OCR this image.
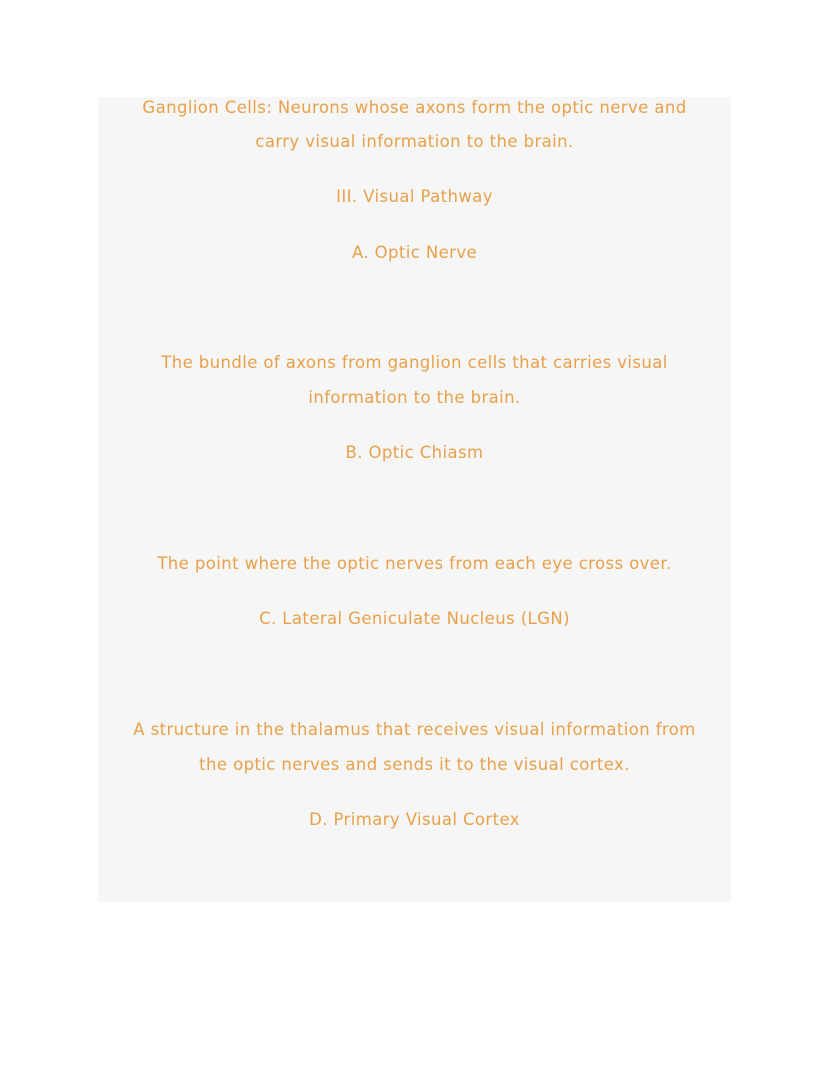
Ganglion Cells: Neurons whose axons form the optic nerve and

carry visual information to the brain.

III. Visual Pathway

A. Optic Nerve

The bundle of axons from ganglion cells that carries visual

information to the brain.

B. Optic Chiasm

The point where the optic nerves from each eye cross over.

C. Lateral Geniculate Nucleus (LGN)

A structure in the thalamus that receives visual information from

the optic nerves and sends it to the visual cortex.

D. Primary Visual Cortex
